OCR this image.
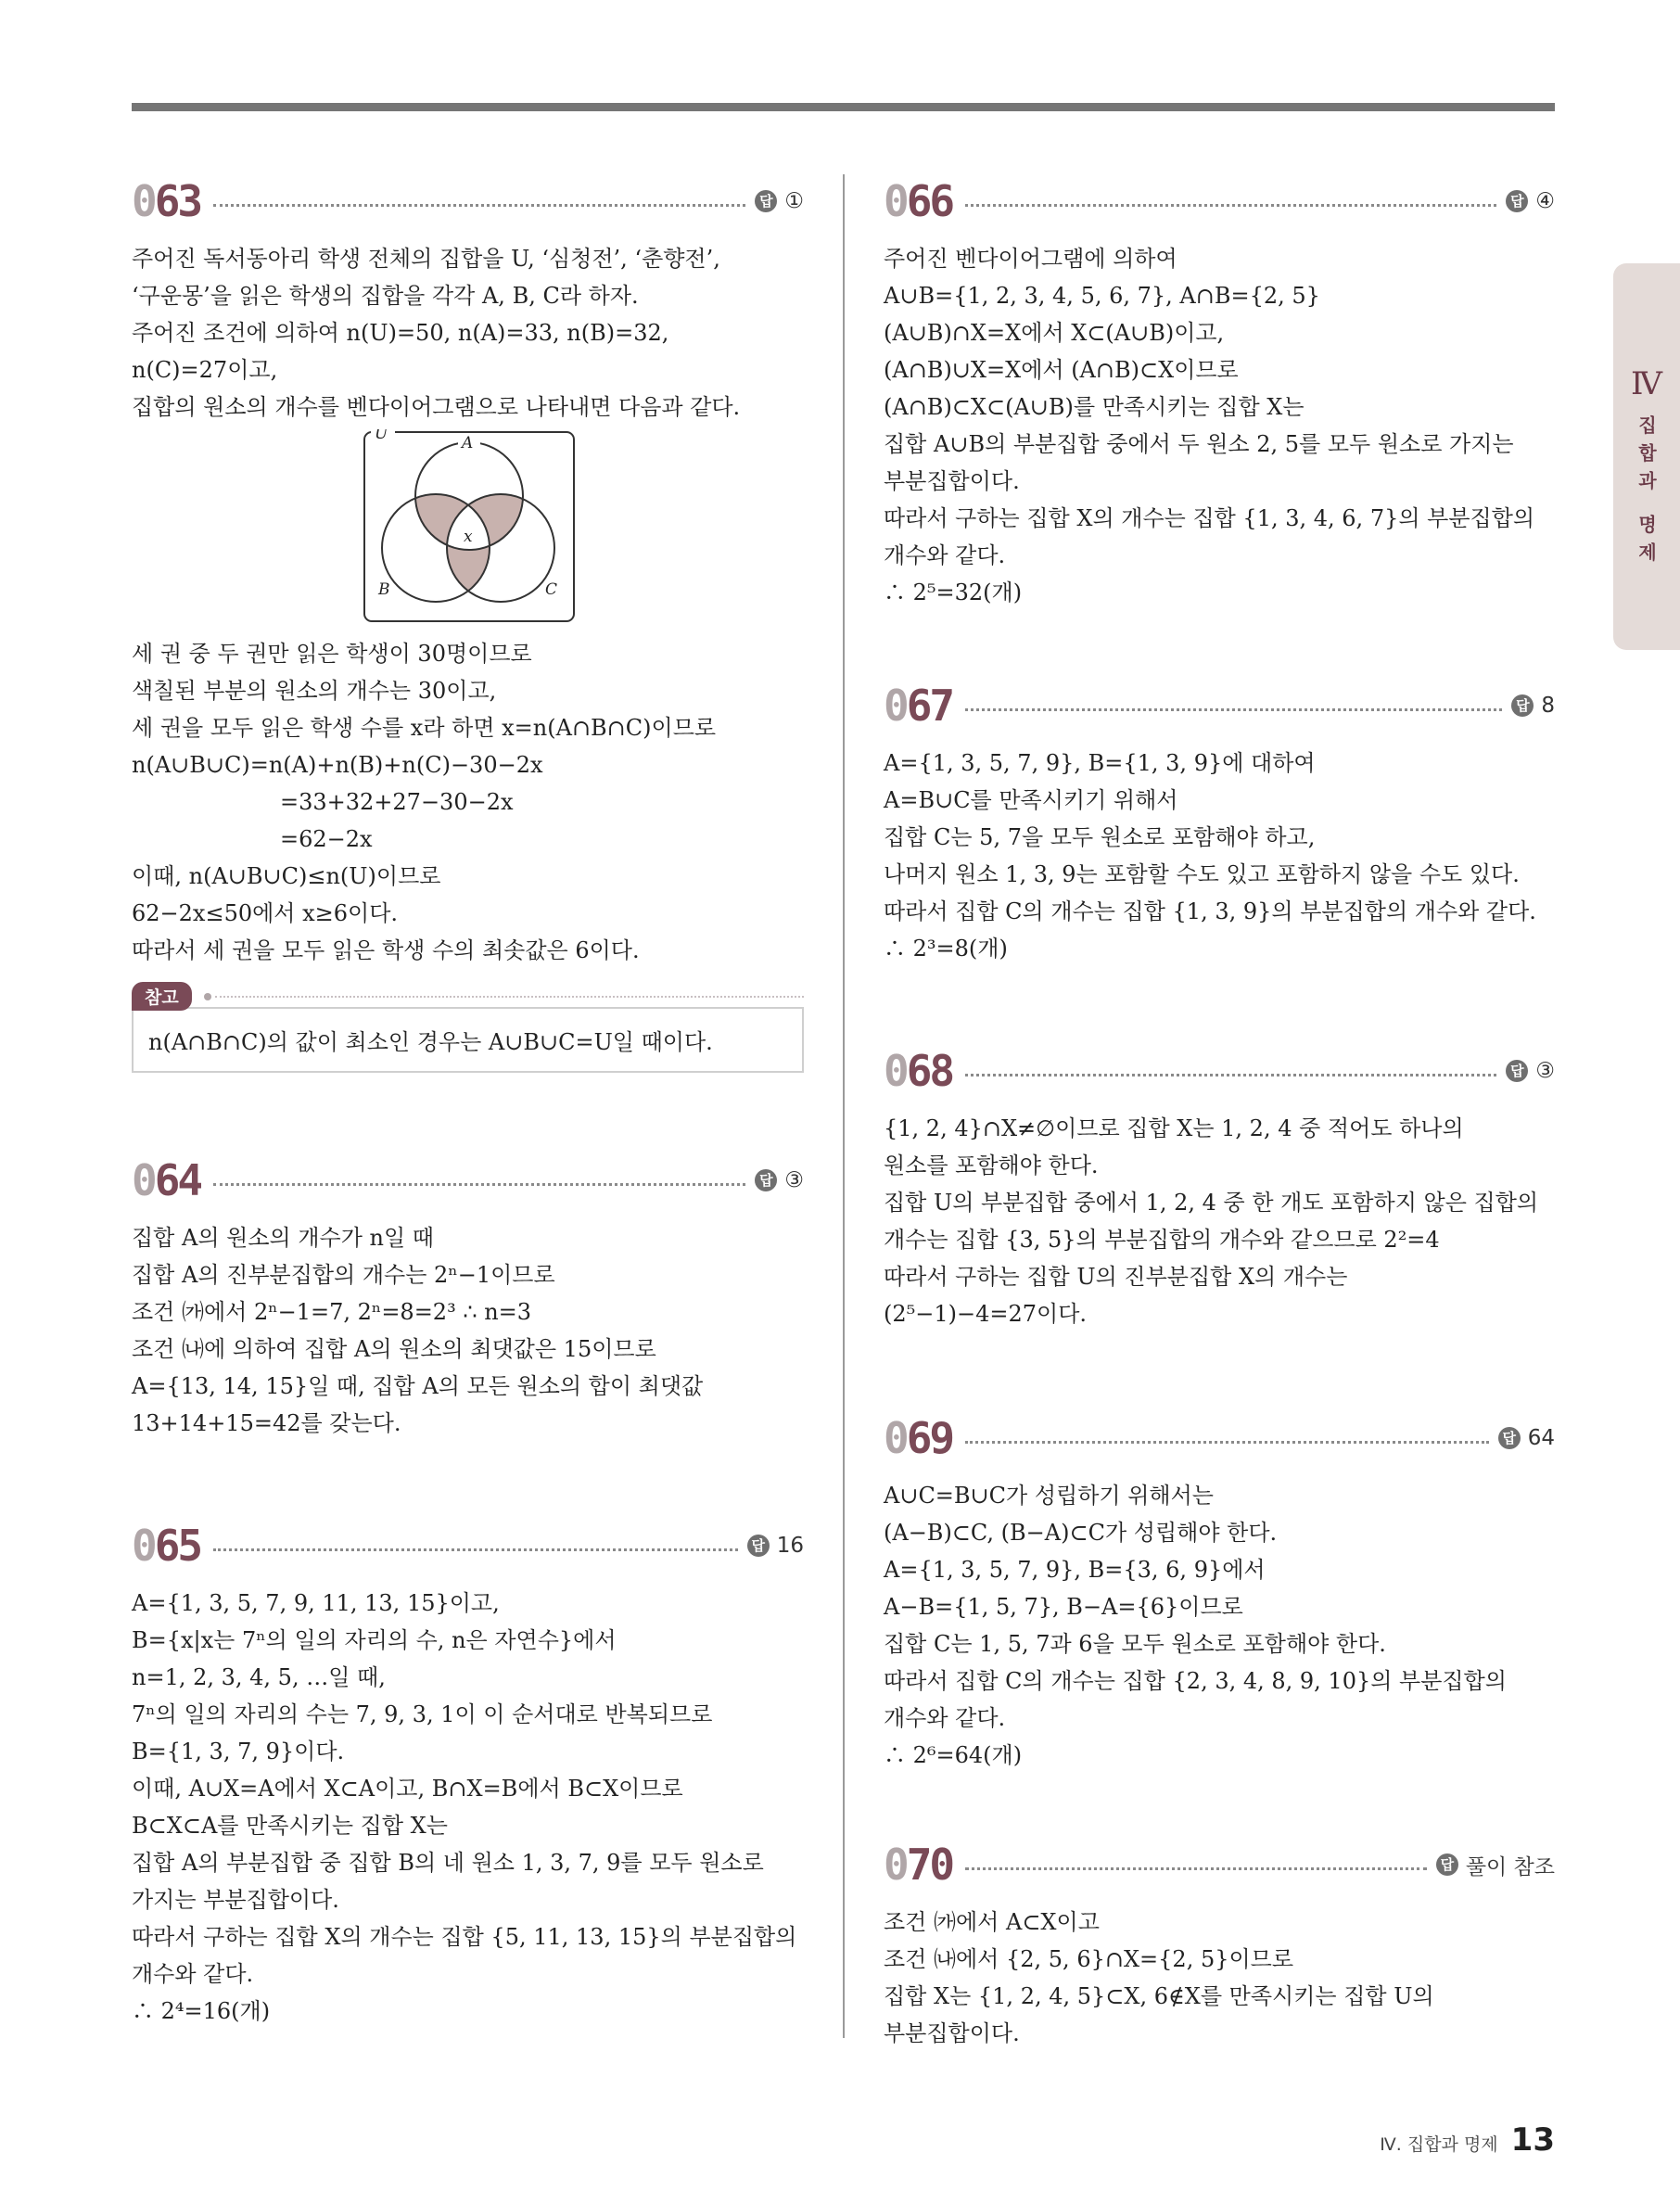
063	답 ①
주어진 독서동아리 학생 전체의 집합을 U, ‘심청전’, ‘춘향전’,
‘구운몽’을 읽은 학생의 집합을 각각 A, B, C라 하자.
주어진 조건에 의하여 n(U)=50, n(A)=33, n(B)=32,
n(C)=27이고,
집합의 원소의 개수를 벤다이어그램으로 나타내면 다음과 같다.
U	A
B	C
x
세 권 중 두 권만 읽은 학생이 30명이므로
색칠된 부분의 원소의 개수는 30이고,
세 권을 모두 읽은 학생 수를 x라 하면 x=n(A∩B∩C)이므로
n(A∪B∪C)=n(A)+n(B)+n(C)−30−2x
=33+32+27−30−2x
=62−2x
이때, n(A∪B∪C)≤n(U)이므로
62−2x≤50에서 x≥6이다.
따라서 세 권을 모두 읽은 학생 수의 최솟값은 6이다.
참고
n(A∩B∩C)의 값이 최소인 경우는 A∪B∪C=U일 때이다.
064	답 ③
집합 A의 원소의 개수가 n일 때
집합 A의 진부분집합의 개수는 2ⁿ−1이므로
조건 ㈎에서 2ⁿ−1=7, 2ⁿ=8=2³ ∴ n=3
조건 ㈏에 의하여 집합 A의 원소의 최댓값은 15이므로
A={13, 14, 15}일 때, 집합 A의 모든 원소의 합이 최댓값
13+14+15=42를 갖는다.
065	답 16
A={1, 3, 5, 7, 9, 11, 13, 15}이고,
B={x|x는 7ⁿ의 일의 자리의 수, n은 자연수}에서
n=1, 2, 3, 4, 5, …일 때,
7ⁿ의 일의 자리의 수는 7, 9, 3, 1이 이 순서대로 반복되므로
B={1, 3, 7, 9}이다.
이때, A∪X=A에서 X⊂A이고, B∩X=B에서 B⊂X이므로
B⊂X⊂A를 만족시키는 집합 X는
집합 A의 부분집합 중 집합 B의 네 원소 1, 3, 7, 9를 모두 원소로
가지는 부분집합이다.
따라서 구하는 집합 X의 개수는 집합 {5, 11, 13, 15}의 부분집합의
개수와 같다.
∴ 2⁴=16(개)
066	답 ④
주어진 벤다이어그램에 의하여
A∪B={1, 2, 3, 4, 5, 6, 7}, A∩B={2, 5}
(A∪B)∩X=X에서 X⊂(A∪B)이고,
(A∩B)∪X=X에서 (A∩B)⊂X이므로
(A∩B)⊂X⊂(A∪B)를 만족시키는 집합 X는
집합 A∪B의 부분집합 중에서 두 원소 2, 5를 모두 원소로 가지는
부분집합이다.
따라서 구하는 집합 X의 개수는 집합 {1, 3, 4, 6, 7}의 부분집합의
개수와 같다.
∴ 2⁵=32(개)
067	답 8
A={1, 3, 5, 7, 9}, B={1, 3, 9}에 대하여
A=B∪C를 만족시키기 위해서
집합 C는 5, 7을 모두 원소로 포함해야 하고,
나머지 원소 1, 3, 9는 포함할 수도 있고 포함하지 않을 수도 있다.
따라서 집합 C의 개수는 집합 {1, 3, 9}의 부분집합의 개수와 같다.
∴ 2³=8(개)
068	답 ③
{1, 2, 4}∩X≠∅이므로 집합 X는 1, 2, 4 중 적어도 하나의
원소를 포함해야 한다.
집합 U의 부분집합 중에서 1, 2, 4 중 한 개도 포함하지 않은 집합의
개수는 집합 {3, 5}의 부분집합의 개수와 같으므로 2²=4
따라서 구하는 집합 U의 진부분집합 X의 개수는
(2⁵−1)−4=27이다.
069	답 64
A∪C=B∪C가 성립하기 위해서는
(A−B)⊂C, (B−A)⊂C가 성립해야 한다.
A={1, 3, 5, 7, 9}, B={3, 6, 9}에서
A−B={1, 5, 7}, B−A={6}이므로
집합 C는 1, 5, 7과 6을 모두 원소로 포함해야 한다.
따라서 집합 C의 개수는 집합 {2, 3, 4, 8, 9, 10}의 부분집합의
개수와 같다.
∴ 2⁶=64(개)
070	답 풀이 참조
조건 ㈎에서 A⊂X이고
조건 ㈏에서 {2, 5, 6}∩X={2, 5}이므로
집합 X는 {1, 2, 4, 5}⊂X, 6∉X를 만족시키는 집합 U의
부분집합이다.
Ⅳ
집합과 명제
Ⅳ. 집합과 명제 13
